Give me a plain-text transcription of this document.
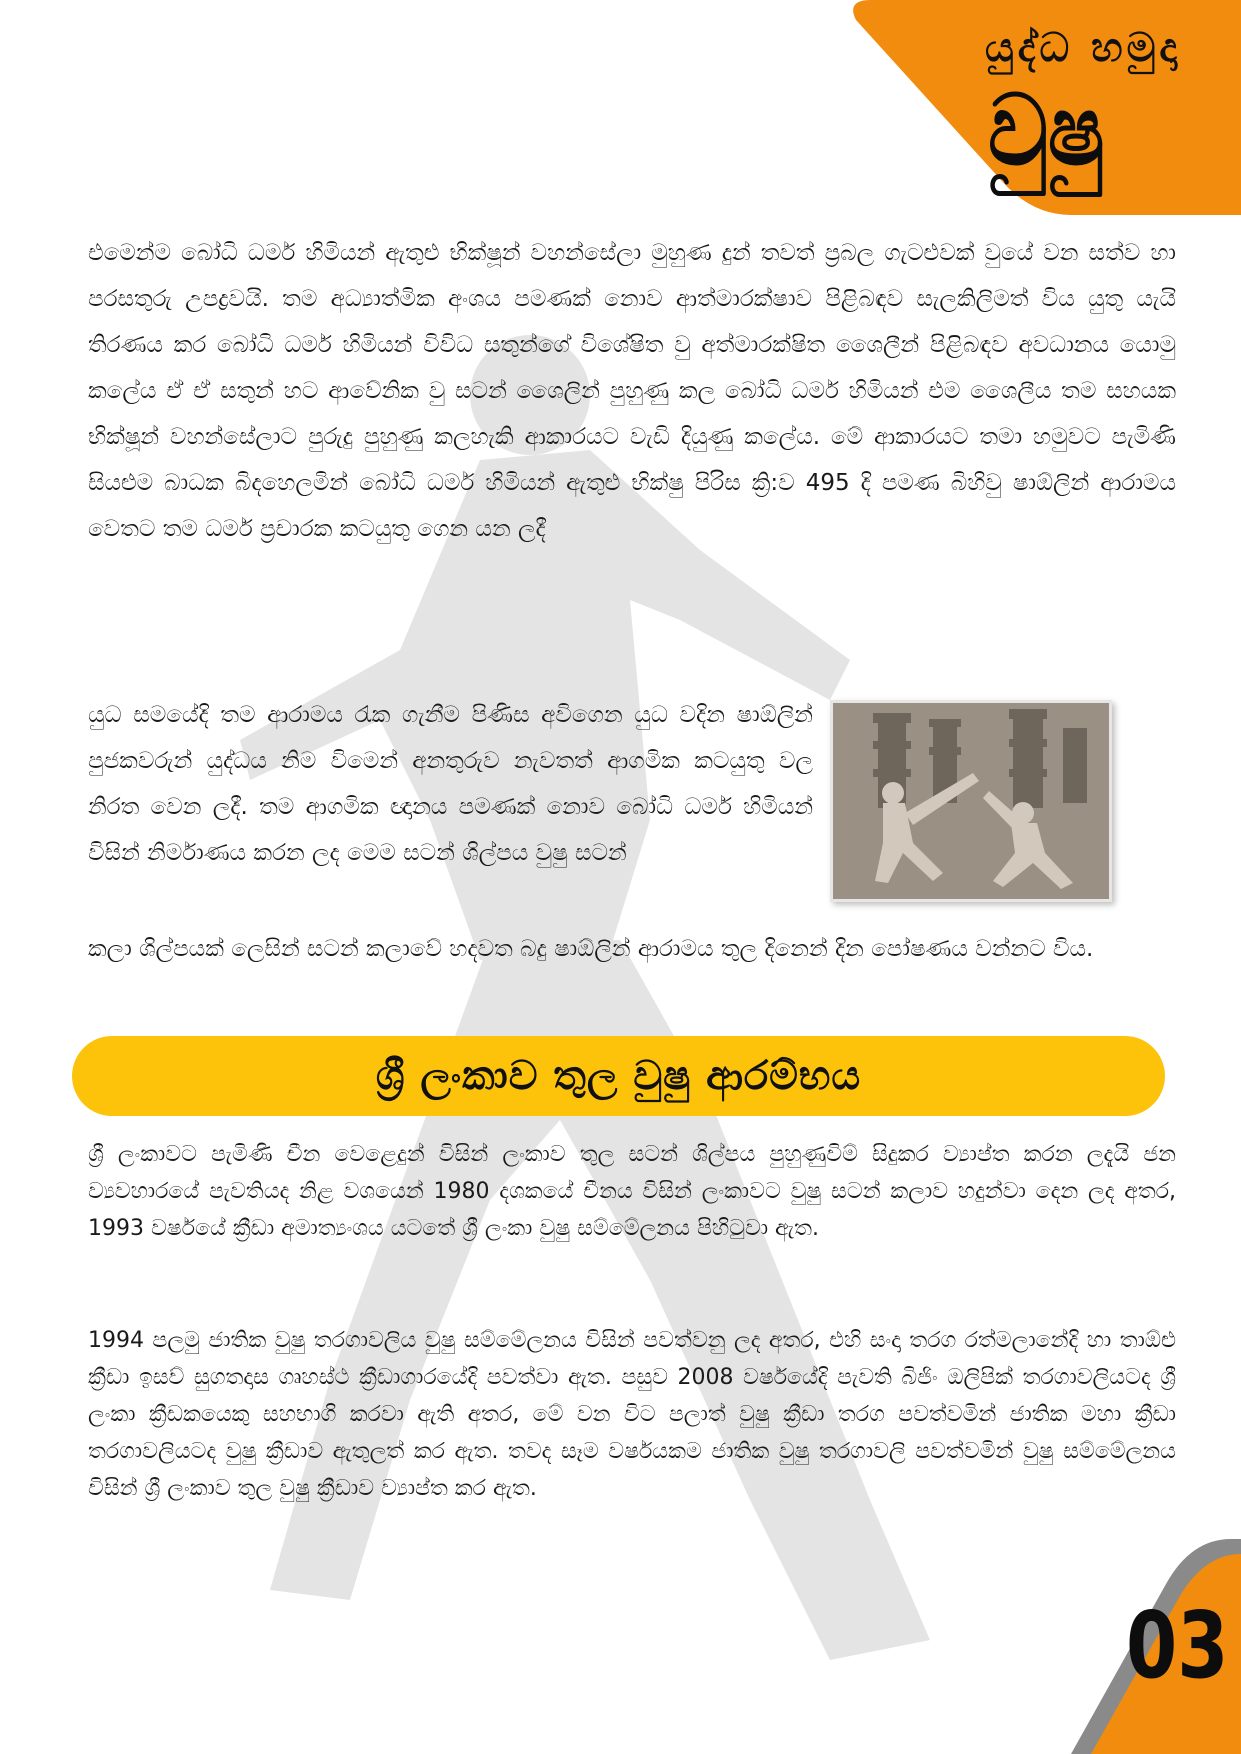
යුද්ධ හමුදා
වුෂු

එමෙන්ම බෝධි ධර්ම හිමියන් ඇතුළු භික්ෂූන් වහන්සේලා මුහුණ දුන් තවත් ප්‍රබල ගැටළුවක් වුයේ වන සත්ව හා පරසතුරු උපද්‍රවයි. තම අධ්‍යාත්මික අංශය පමණක් නොව ආත්මාරක්ෂාව පිළිබඳව සැලකිලිමත් විය යුතු යැයි තිරණය කර බෝධි ධර්ම හිමියන් විවිධ සතුන්ගේ විශේෂිත වු අත්මාරක්ෂිත ශෛලීන් පිළිබඳව අවධානය යොමු කලේය ඒ ඒ සතුන් හට ආවේනික වු සටන් ශෛලින් පුහුණු කල බෝධි ධර්ම හිමියන් එම ශෛලීය තම සහයක භික්ෂූන් වහන්සේලාට පුරුදු පුහුණු කලහැකි ආකාරයට වැඩි දියුණු කලේය. මේ ආකාරයට තමා හමුවට පැමිණි සියළුම බාධක බිදහෙලමින් බෝධි ධර්ම හිමියන් ඇතුළු භික්ෂු පිරිස ක්‍රි:ව 495 දි පමණ බිහිවු ෂාඕලින් ආරාමය වෙතට තම ධර්ම ප්‍රචාරක කටයුතු ගෙන යන ලදී

යුධ සමයේදි තම ආරාමය රැක ගැනීම පිණිස අවිගෙන යුධ වදින ෂාඕලින් පුජකවරුන් යුද්ධය නිම විමෙන් අනතුරුව නැවතත් ආගමික කටයුතු වල නිරත වෙන ලදී. තම ආගමික ඥානය පමණක් නොව බෝධි ධර්ම හිමියන් විසින් නිර්මාණය කරන ලද මෙම සටන් ශිල්පය වුෂු සටන්

කලා ශිල්පයක් ලෙසින් සටන් කලාවේ හදවත බදු ෂාඕලින් ආරාමය තුල දිනෙන් දින පෝෂණය වන්නට විය.

ශ්‍රී ලංකාව තුල වුෂු ආරම්භය

ශ්‍රී ලංකාවට පැමිණි චීන වෙළෙදුන් විසින් ලංකාව තුල සටන් ශිල්පය පුහුණුවිම් සිදුකර ව්‍යාප්ත කරන ලදැයි ජන ව්‍යවහාරයේ පැවතියද නිළ වශයෙන් 1980 දශකයේ චීනය විසින් ලංකාවට වුෂු සටන් කලාව හදුන්වා දෙන ලද අතර, 1993 වර්ෂයේ ක්‍රීඩා අමාත්‍යංශය යටතේ ශ්‍රී ලංකා වුෂු සම්මේලනය පිහිටුවා ඇත.

1994 පලමු ජාතික වුෂු තරගාවලිය වුෂු සම්මේලනය විසින් පවත්වනු ලද අතර, එහි සංදා තරග රත්මලානේදි හා තාඕළු ක්‍රීඩා ඉසව් සුගතදාස ගෘහස්ථ ක්‍රීඩාගාරයේදි පවත්වා ඇත. පසුව 2008 වර්ෂයේදි පැවති බිජිං ඔලිපික් තරගාවලියටද ශ්‍රී ලංකා ක්‍රීඩකයෙකු සහභාගි කරවා ඇති අතර, මේ වන විට පලාත් වුෂු ක්‍රීඩා තරග පවත්වමින් ජාතික මහා ක්‍රීඩා තරගාවලියටද වුෂු ක්‍රීඩාව ඇතුලත් කර ඇත. තවද සෑම වර්ෂයකම ජාතික වුෂු තරගාවලි පවත්වමින් වුෂු සම්මේලනය විසින් ශ්‍රී ලංකාව තුල වුෂු ක්‍රීඩාව ව්‍යාප්ත කර ඇත.

03
